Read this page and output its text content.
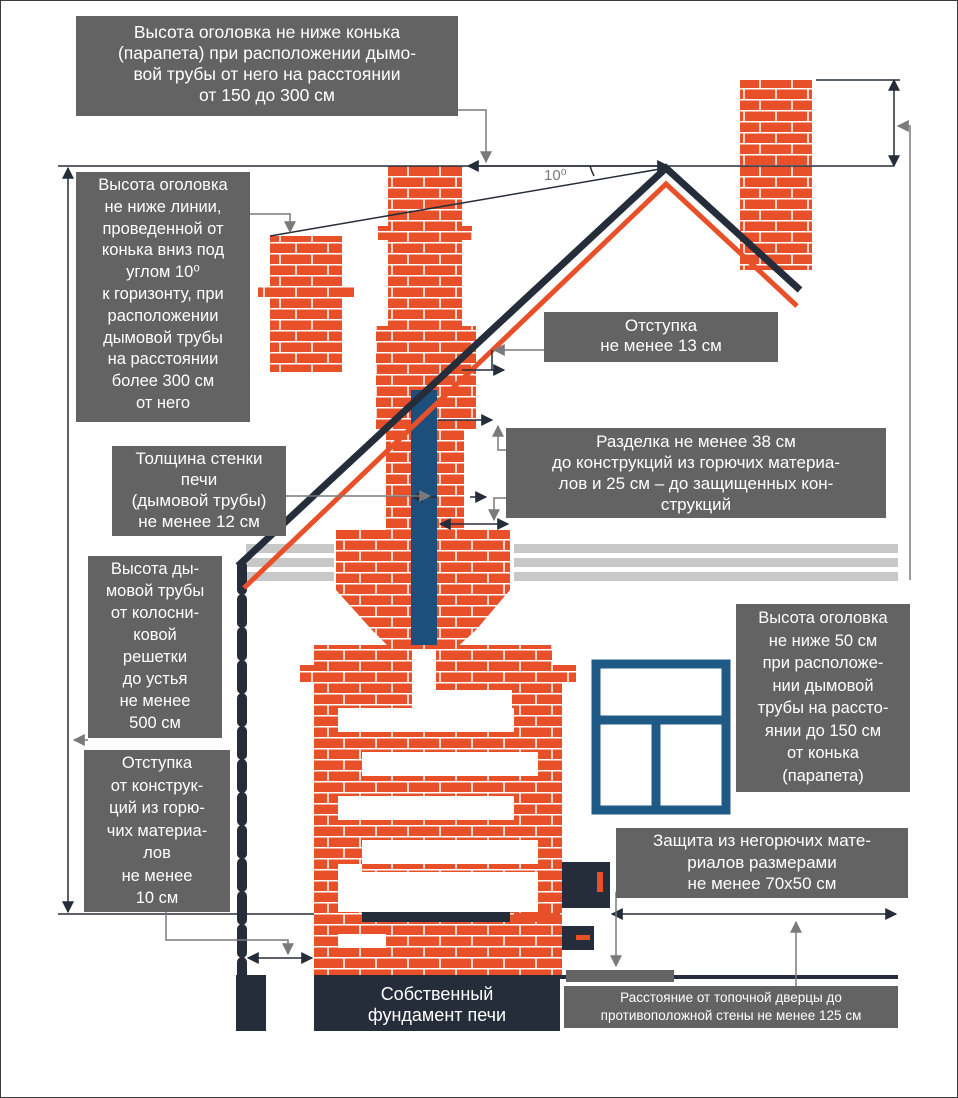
10⁰
Высота оголовка не ниже конька
(парапета) при расположении дымо-
вой трубы от него на расстоянии
от 150 до 300 см
Высота оголовка
не ниже линии,
проведенной от
конька вниз под
углом 10⁰
к горизонту, при
расположении
дымовой трубы
на расстоянии
более 300 см
от него
Отступка
не менее 13 см
Разделка не менее 38 см
до конструкций из горючих материа-
лов и 25 см – до защищенных кон-
струкций
Толщина стенки
печи
(дымовой трубы)
не менее 12 см
Высота ды-
мовой трубы
от колосни-
ковой
решетки
до устья
не менее
500 см
Отступка
от конструк-
ций из горю-
чих материа-
лов
не менее
10 см
Высота оголовка
не ниже 50 см
при расположе-
нии дымовой
трубы на рассто-
янии до 150 см
от конька
(парапета)
Защита из негорючих мате-
риалов размерами
не менее 70х50 см
Расстояние от топочной дверцы до
противоположной стены не менее 125 см
Собственный
фундамент печи
